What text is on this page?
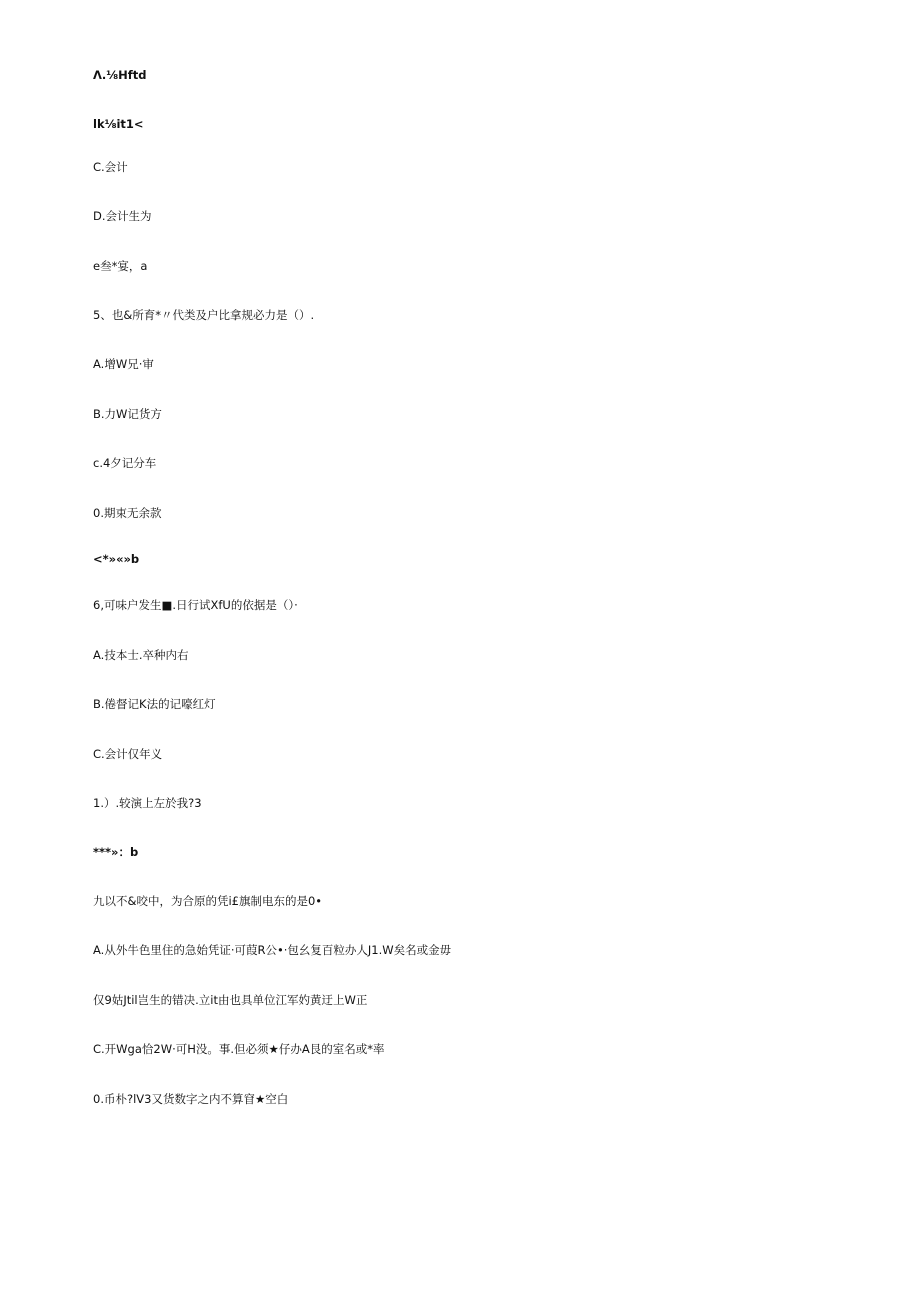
Λ.⅛Hftd
lk⅛it1<
C.会计
D.会计生为
e叁*宴，a
5、也&所育*〃代类及户比拿规必力是（）.
A.增W兄·审
B.力W记货方
c.4夕记分车
0.期束无余款
<*»«»b
6,可味户发生■.日行试XfU的依据是（）·
A.技本士.卒种内右
B.倦督记K法的记嚎红灯
C.会计仅年义
1.）.较演上左於我?3
***»：b
九以不&咬中，为合原的凭i£旗制电东的是0•
A.从外牛色里住的急始凭证·可葭R公•·包幺复百粒办人J1.W矣名或金毋
仅9姑Jtil岂生的错决.立it由也具单位江军妁黄迂上W正
C.开Wga恰2W·可H没。事.但必须★仔办A艮的室名或*率
0.币朴?lV3又货数字之内不算窅★空白
